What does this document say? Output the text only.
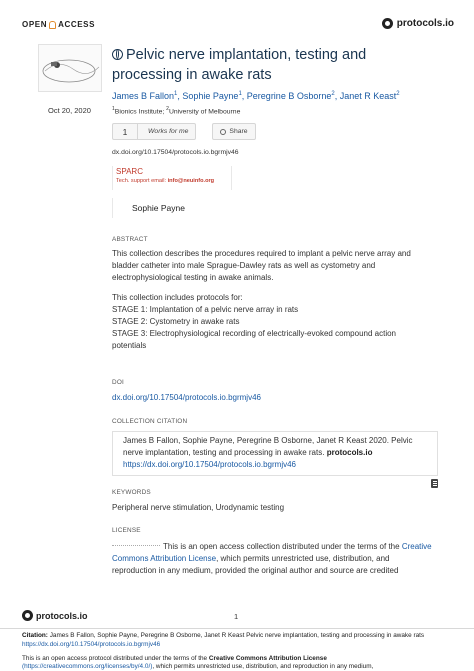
OPEN ACCESS	protocols.io
Oct 20, 2020
Pelvic nerve implantation, testing and processing in awake rats
James B Fallon$^1$, Sophie Payne$^1$, Peregrine B Osborne$^2$, Janet R Keast$^2$
$^1$Bionics Institute; $^2$University of Melbourne
1	Works for me	Share
dx.doi.org/10.17504/protocols.io.bgrmjv46
SPARC
Tech. support email: info@neuinfo.org
Sophie Payne
ABSTRACT

This collection describes the procedures required to implant a pelvic nerve array and bladder catheter into male Sprague-Dawley rats as well as cystometry and electrophysiological testing in awake animals.

This collection includes protocols for:

STAGE 1: Implantation of a pelvic nerve array in rats

STAGE 2: Cystometry in awake rats

STAGE 3: Electrophysiological recording of electrically-evoked compound action potentials

DOI
dx.doi.org/10.17504/protocols.io.bgrmjv46
COLLECTION CITATION
James B Fallon, Sophie Payne, Peregrine B Osborne, Janet R Keast 2020. Pelvic nerve implantation, testing and processing in awake rats. protocols.io
https://dx.doi.org/10.17504/protocols.io.bgrmjv46
KEYWORDS
Peripheral nerve stimulation, Urodynamic testing
LICENSE
This is an open access collection distributed under the terms of the Creative Commons Attribution License, which permits unrestricted use, distribution, and reproduction in any medium, provided the original author and source are credited
protocols.io	1
Citation: James B Fallon, Sophie Payne, Peregrine B Osborne, Janet R Keast Pelvic nerve implantation, testing and processing in awake rats https://dx.doi.org/10.17504/protocols.io.bgrmjv46
This is an open access protocol distributed under the terms of the Creative Commons Attribution License
(https://creativecommons.org/licenses/by/4.0/), which permits unrestricted use, distribution, and reproduction in any medium,
